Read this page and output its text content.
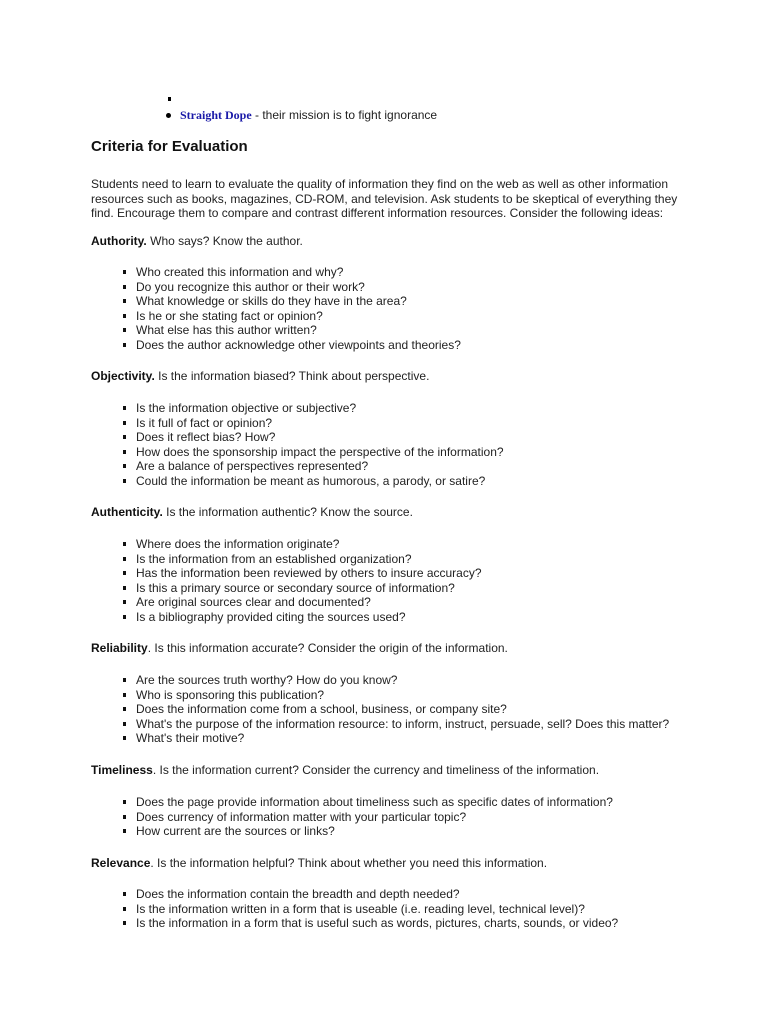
Straight Dope - their mission is to fight ignorance
Criteria for Evaluation

Students need to learn to evaluate the quality of information they find on the web as well as other information resources such as books, magazines, CD-ROM, and television. Ask students to be skeptical of everything they find. Encourage them to compare and contrast different information resources. Consider the following ideas:

Authority. Who says? Know the author.

Who created this information and why?
Do you recognize this author or their work?
What knowledge or skills do they have in the area?
Is he or she stating fact or opinion?
What else has this author written?
Does the author acknowledge other viewpoints and theories?

Objectivity. Is the information biased? Think about perspective.

Is the information objective or subjective?
Is it full of fact or opinion?
Does it reflect bias? How?
How does the sponsorship impact the perspective of the information?
Are a balance of perspectives represented?
Could the information be meant as humorous, a parody, or satire?

Authenticity. Is the information authentic? Know the source.

Where does the information originate?
Is the information from an established organization?
Has the information been reviewed by others to insure accuracy?
Is this a primary source or secondary source of information?
Are original sources clear and documented?
Is a bibliography provided citing the sources used?

Reliability. Is this information accurate? Consider the origin of the information.

Are the sources truth worthy? How do you know?
Who is sponsoring this publication?
Does the information come from a school, business, or company site?
What's the purpose of the information resource: to inform, instruct, persuade, sell? Does this matter?
What's their motive?

Timeliness. Is the information current? Consider the currency and timeliness of the information.

Does the page provide information about timeliness such as specific dates of information?
Does currency of information matter with your particular topic?
How current are the sources or links?

Relevance. Is the information helpful? Think about whether you need this information.

Does the information contain the breadth and depth needed?
Is the information written in a form that is useable (i.e. reading level, technical level)?
Is the information in a form that is useful such as words, pictures, charts, sounds, or video?
